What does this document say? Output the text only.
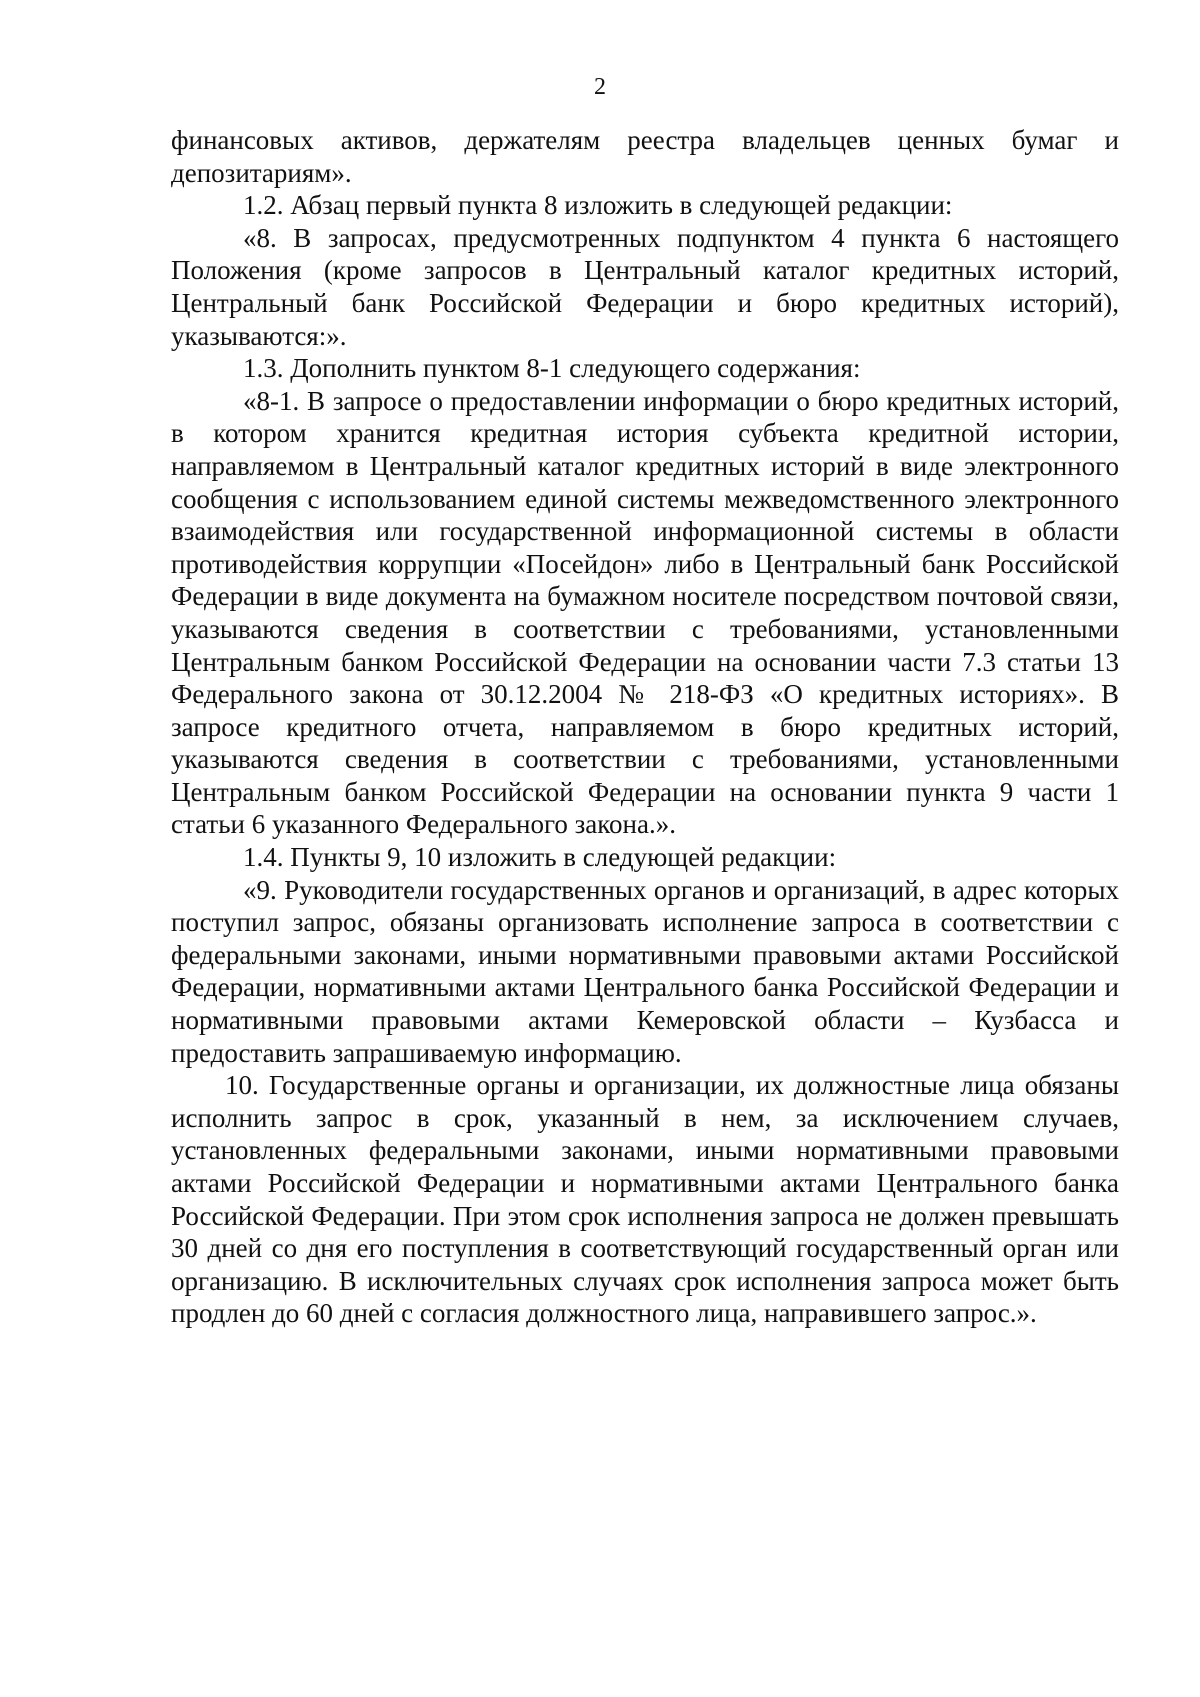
2

финансовых активов, держателям реестра владельцев ценных бумаг и депозитариям».

1.2. Абзац первый пункта 8 изложить в следующей редакции:

«8. В запросах, предусмотренных подпунктом 4 пункта 6 настоящего Положения (кроме запросов в Центральный каталог кредитных историй, Центральный банк Российской Федерации и бюро кредитных историй), указываются:».

1.3. Дополнить пунктом 8-1 следующего содержания:

«8-1. В запросе о предоставлении информации о бюро кредитных историй, в котором хранится кредитная история субъекта кредитной истории, направляемом в Центральный каталог кредитных историй в виде электронного сообщения с использованием единой системы межведомственного электронного взаимодействия или государственной информационной системы в области противодействия коррупции «Посейдон» либо в Центральный банк Российской Федерации в виде документа на бумажном носителе посредством почтовой связи, указываются сведения в соответствии с требованиями, установленными Центральным банком Российской Федерации на основании части 7.3 статьи 13 Федерального закона от 30.12.2004 № 218-ФЗ «О кредитных историях». В запросе кредитного отчета, направляемом в бюро кредитных историй, указываются сведения в соответствии с требованиями, установленными Центральным банком Российской Федерации на основании пункта 9 части 1 статьи 6 указанного Федерального закона.».

1.4. Пункты 9, 10 изложить в следующей редакции:

«9. Руководители государственных органов и организаций, в адрес которых поступил запрос, обязаны организовать исполнение запроса в соответствии с федеральными законами, иными нормативными правовыми актами Российской Федерации, нормативными актами Центрального банка Российской Федерации и нормативными правовыми актами Кемеровской области – Кузбасса и предоставить запрашиваемую информацию.

10. Государственные органы и организации, их должностные лица обязаны исполнить запрос в срок, указанный в нем, за исключением случаев, установленных федеральными законами, иными нормативными правовыми актами Российской Федерации и нормативными актами Центрального банка Российской Федерации. При этом срок исполнения запроса не должен превышать 30 дней со дня его поступления в соответствующий государственный орган или организацию. В исключительных случаях срок исполнения запроса может быть продлен до 60 дней с согласия должностного лица, направившего запрос.».
